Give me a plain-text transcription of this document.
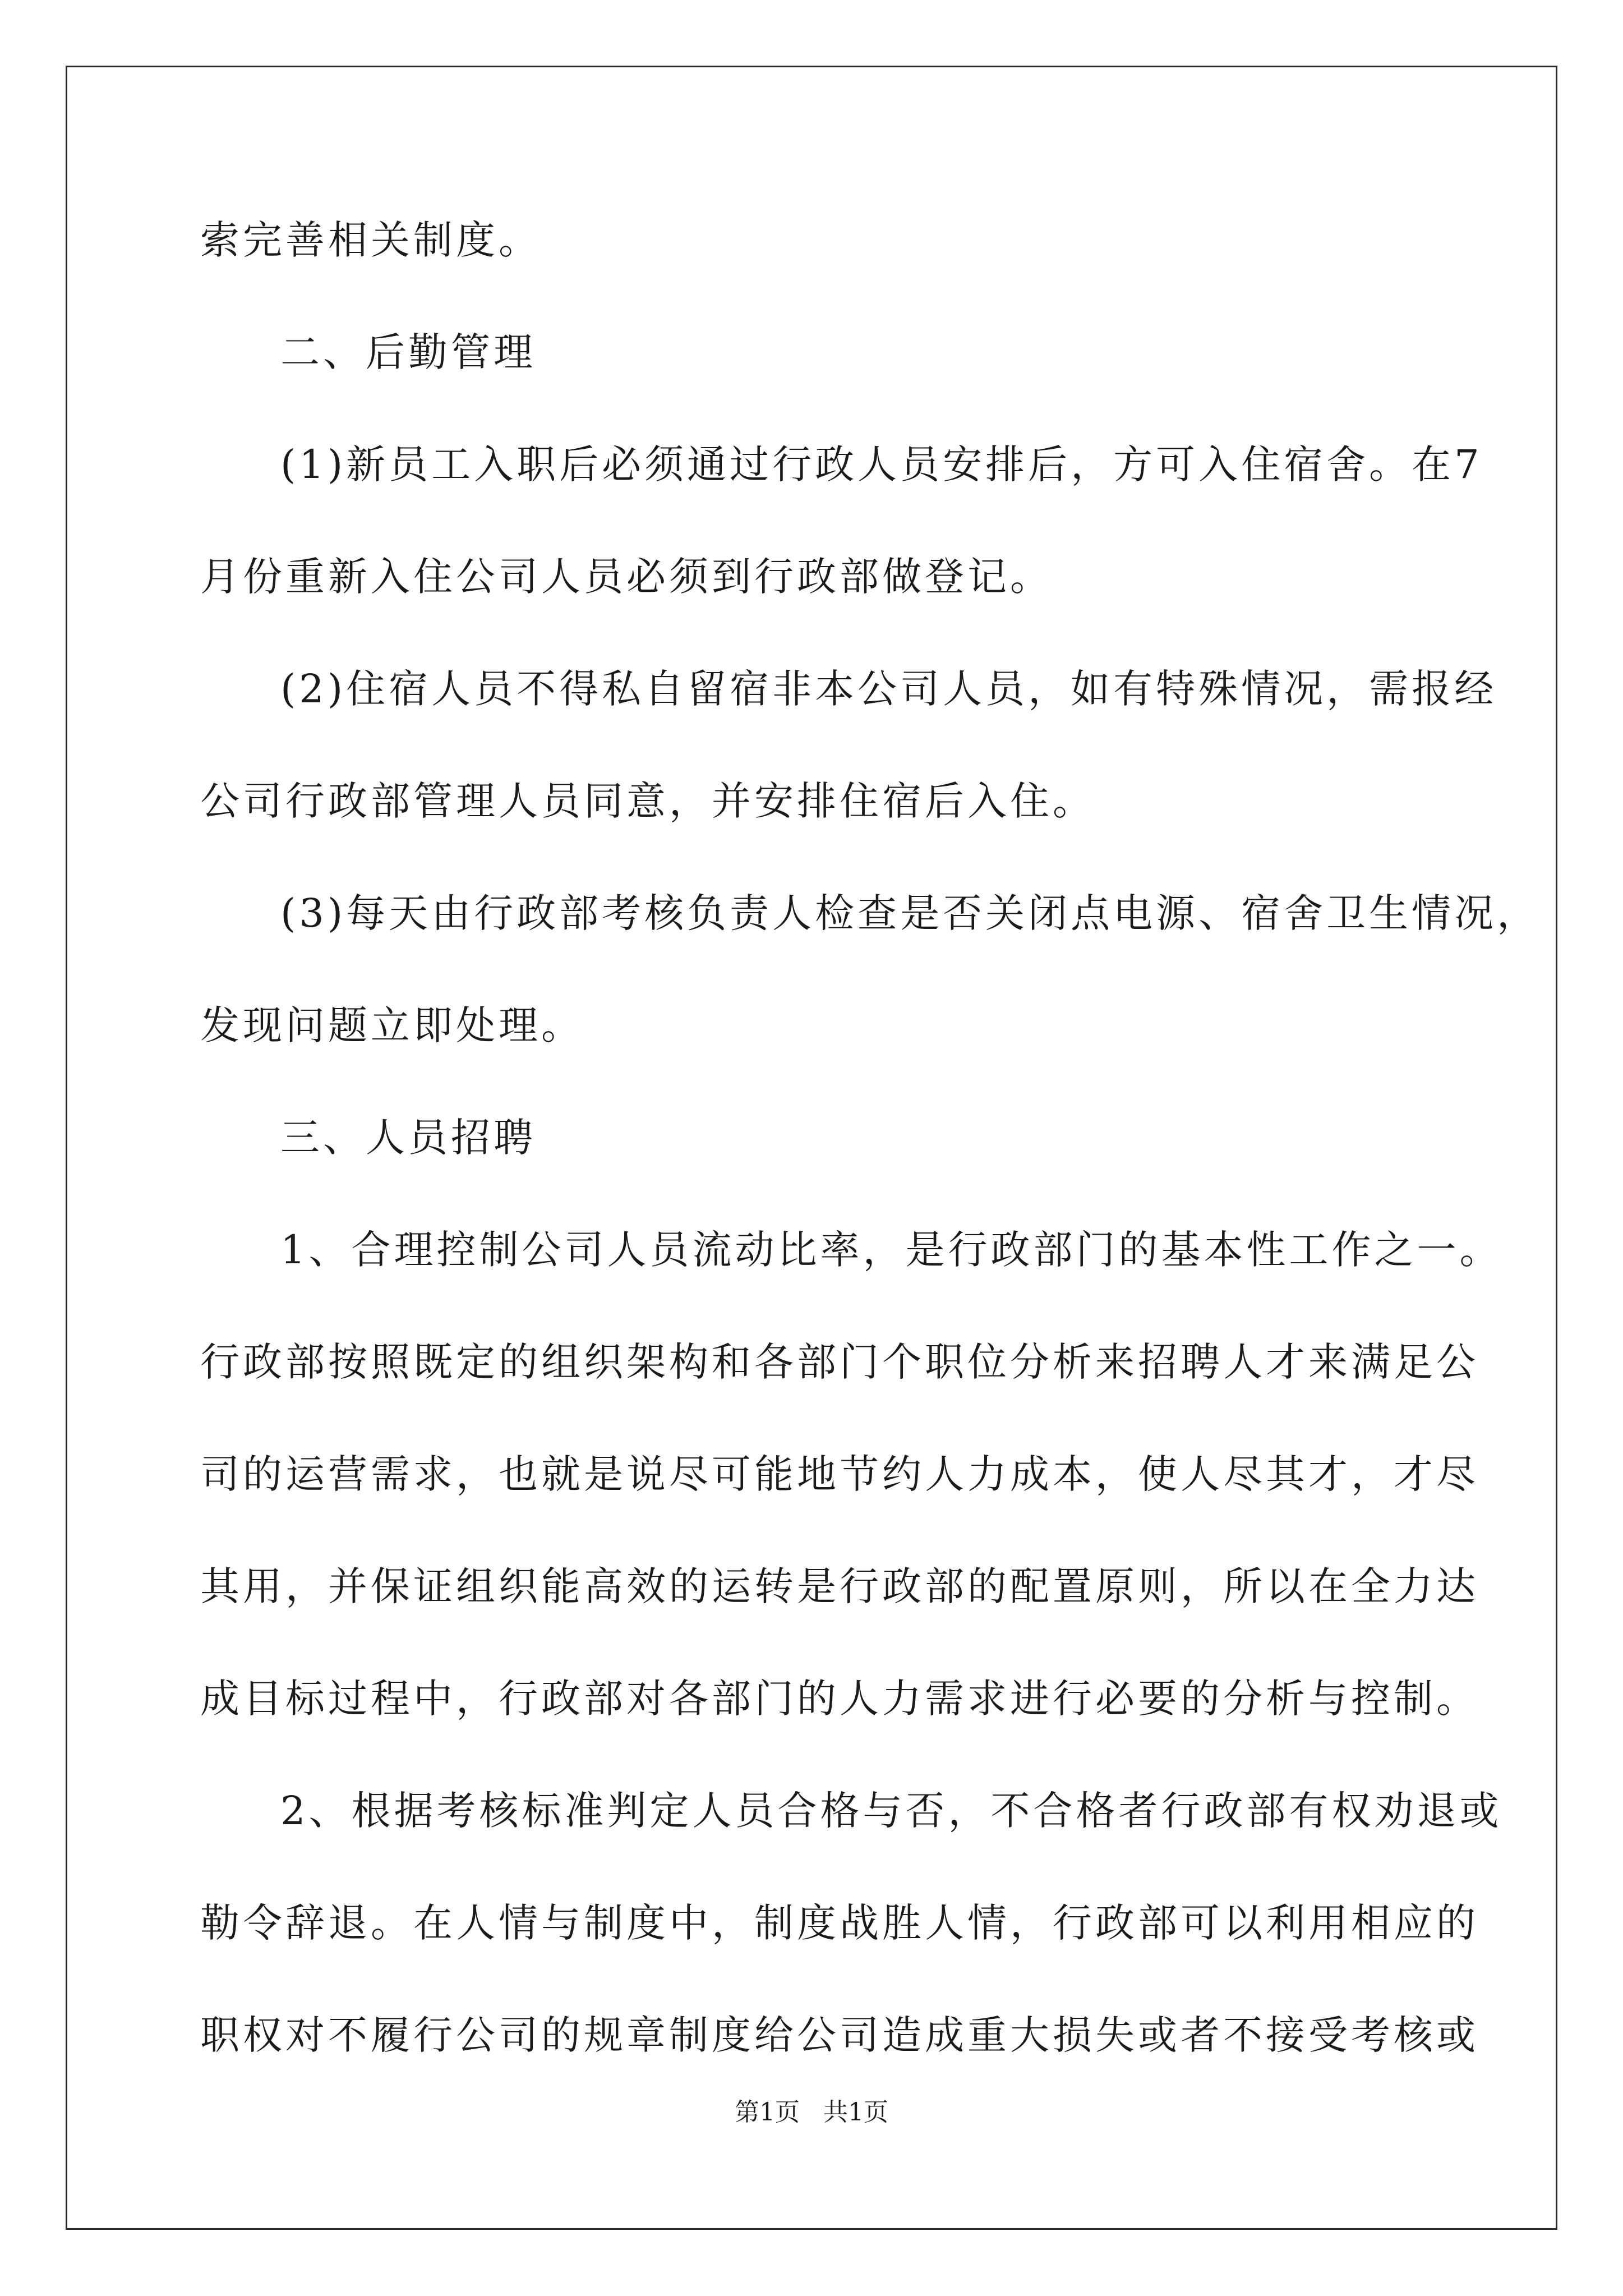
索完善相关制度。
二、后勤管理
(1)新员工入职后必须通过行政人员安排后，方可入住宿舍。在7
月份重新入住公司人员必须到行政部做登记。
(2)住宿人员不得私自留宿非本公司人员，如有特殊情况，需报经
公司行政部管理人员同意，并安排住宿后入住。
(3)每天由行政部考核负责人检查是否关闭点电源、宿舍卫生情况，
发现问题立即处理。
三、人员招聘
1、合理控制公司人员流动比率，是行政部门的基本性工作之一。
行政部按照既定的组织架构和各部门个职位分析来招聘人才来满足公
司的运营需求，也就是说尽可能地节约人力成本，使人尽其才，才尽
其用，并保证组织能高效的运转是行政部的配置原则，所以在全力达
成目标过程中，行政部对各部门的人力需求进行必要的分析与控制。
2、根据考核标准判定人员合格与否，不合格者行政部有权劝退或
勒令辞退。在人情与制度中，制度战胜人情，行政部可以利用相应的
职权对不履行公司的规章制度给公司造成重大损失或者不接受考核或
第1页   共1页
